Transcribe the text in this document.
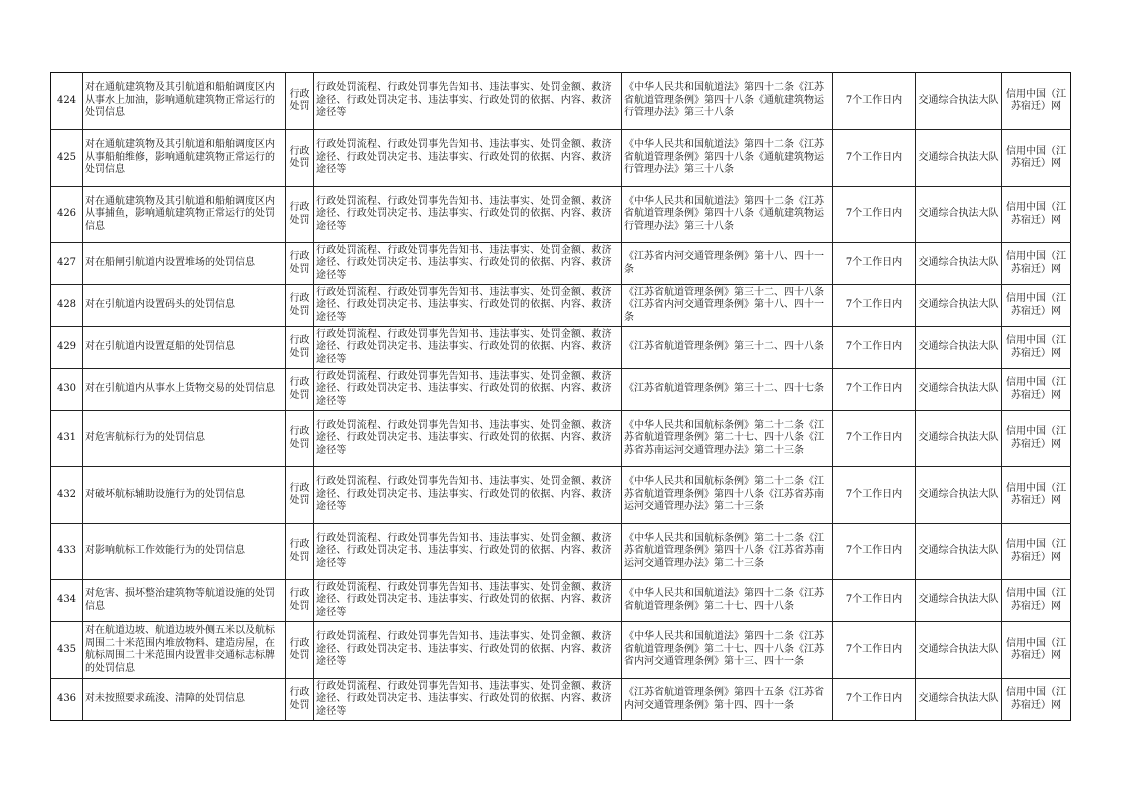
424	对在通航建筑物及其引航道和船舶调度区内从事水上加油，影响通航建筑物正常运行的处罚信息	行政处罚	行政处罚流程、行政处罚事先告知书、违法事实、处罚金额、救济途径、行政处罚决定书、违法事实、行政处罚的依据、内容、救济途径等	《中华人民共和国航道法》第四十二条《江苏省航道管理条例》第四十八条《通航建筑物运行管理办法》第三十八条	7个工作日内	交通综合执法大队	信用中国（江苏宿迁）网
425	对在通航建筑物及其引航道和船舶调度区内从事船舶维修，影响通航建筑物正常运行的处罚信息	行政处罚	行政处罚流程、行政处罚事先告知书、违法事实、处罚金额、救济途径、行政处罚决定书、违法事实、行政处罚的依据、内容、救济途径等	《中华人民共和国航道法》第四十二条《江苏省航道管理条例》第四十八条《通航建筑物运行管理办法》第三十八条	7个工作日内	交通综合执法大队	信用中国（江苏宿迁）网
426	对在通航建筑物及其引航道和船舶调度区内从事捕鱼，影响通航建筑物正常运行的处罚信息	行政处罚	行政处罚流程、行政处罚事先告知书、违法事实、处罚金额、救济途径、行政处罚决定书、违法事实、行政处罚的依据、内容、救济途径等	《中华人民共和国航道法》第四十二条《江苏省航道管理条例》第四十八条《通航建筑物运行管理办法》第三十八条	7个工作日内	交通综合执法大队	信用中国（江苏宿迁）网
427	对在船闸引航道内设置堆场的处罚信息	行政处罚	行政处罚流程、行政处罚事先告知书、违法事实、处罚金额、救济途径、行政处罚决定书、违法事实、行政处罚的依据、内容、救济途径等	《江苏省内河交通管理条例》第十八、四十一条	7个工作日内	交通综合执法大队	信用中国（江苏宿迁）网
428	对在引航道内设置码头的处罚信息	行政处罚	行政处罚流程、行政处罚事先告知书、违法事实、处罚金额、救济途径、行政处罚决定书、违法事实、行政处罚的依据、内容、救济途径等	《江苏省航道管理条例》第三十二、四十八条《江苏省内河交通管理条例》第十八、四十一条	7个工作日内	交通综合执法大队	信用中国（江苏宿迁）网
429	对在引航道内设置趸船的处罚信息	行政处罚	行政处罚流程、行政处罚事先告知书、违法事实、处罚金额、救济途径、行政处罚决定书、违法事实、行政处罚的依据、内容、救济途径等	《江苏省航道管理条例》第三十二、四十八条	7个工作日内	交通综合执法大队	信用中国（江苏宿迁）网
430	对在引航道内从事水上货物交易的处罚信息	行政处罚	行政处罚流程、行政处罚事先告知书、违法事实、处罚金额、救济途径、行政处罚决定书、违法事实、行政处罚的依据、内容、救济途径等	《江苏省航道管理条例》第三十二、四十七条	7个工作日内	交通综合执法大队	信用中国（江苏宿迁）网
431	对危害航标行为的处罚信息	行政处罚	行政处罚流程、行政处罚事先告知书、违法事实、处罚金额、救济途径、行政处罚决定书、违法事实、行政处罚的依据、内容、救济途径等	《中华人民共和国航标条例》第二十二条《江苏省航道管理条例》第二十七、四十八条《江苏省苏南运河交通管理办法》第二十三条	7个工作日内	交通综合执法大队	信用中国（江苏宿迁）网
432	对破坏航标辅助设施行为的处罚信息	行政处罚	行政处罚流程、行政处罚事先告知书、违法事实、处罚金额、救济途径、行政处罚决定书、违法事实、行政处罚的依据、内容、救济途径等	《中华人民共和国航标条例》第二十二条《江苏省航道管理条例》第四十八条《江苏省苏南运河交通管理办法》第二十三条	7个工作日内	交通综合执法大队	信用中国（江苏宿迁）网
433	对影响航标工作效能行为的处罚信息	行政处罚	行政处罚流程、行政处罚事先告知书、违法事实、处罚金额、救济途径、行政处罚决定书、违法事实、行政处罚的依据、内容、救济途径等	《中华人民共和国航标条例》第二十二条《江苏省航道管理条例》第四十八条《江苏省苏南运河交通管理办法》第二十三条	7个工作日内	交通综合执法大队	信用中国（江苏宿迁）网
434	对危害、损坏整治建筑物等航道设施的处罚信息	行政处罚	行政处罚流程、行政处罚事先告知书、违法事实、处罚金额、救济途径、行政处罚决定书、违法事实、行政处罚的依据、内容、救济途径等	《中华人民共和国航道法》第四十二条《江苏省航道管理条例》第二十七、四十八条	7个工作日内	交通综合执法大队	信用中国（江苏宿迁）网
435	对在航道边坡、航道边坡外侧五米以及航标周围二十米范围内堆放物料、建造房屋，在航标周围二十米范围内设置非交通标志标牌的处罚信息	行政处罚	行政处罚流程、行政处罚事先告知书、违法事实、处罚金额、救济途径、行政处罚决定书、违法事实、行政处罚的依据、内容、救济途径等	《中华人民共和国航道法》第四十二条《江苏省航道管理条例》第二十七、四十八条《江苏省内河交通管理条例》第十三、四十一条	7个工作日内	交通综合执法大队	信用中国（江苏宿迁）网
436	对未按照要求疏浚、清障的处罚信息	行政处罚	行政处罚流程、行政处罚事先告知书、违法事实、处罚金额、救济途径、行政处罚决定书、违法事实、行政处罚的依据、内容、救济途径等	《江苏省航道管理条例》第四十五条《江苏省内河交通管理条例》第十四、四十一条	7个工作日内	交通综合执法大队	信用中国（江苏宿迁）网
